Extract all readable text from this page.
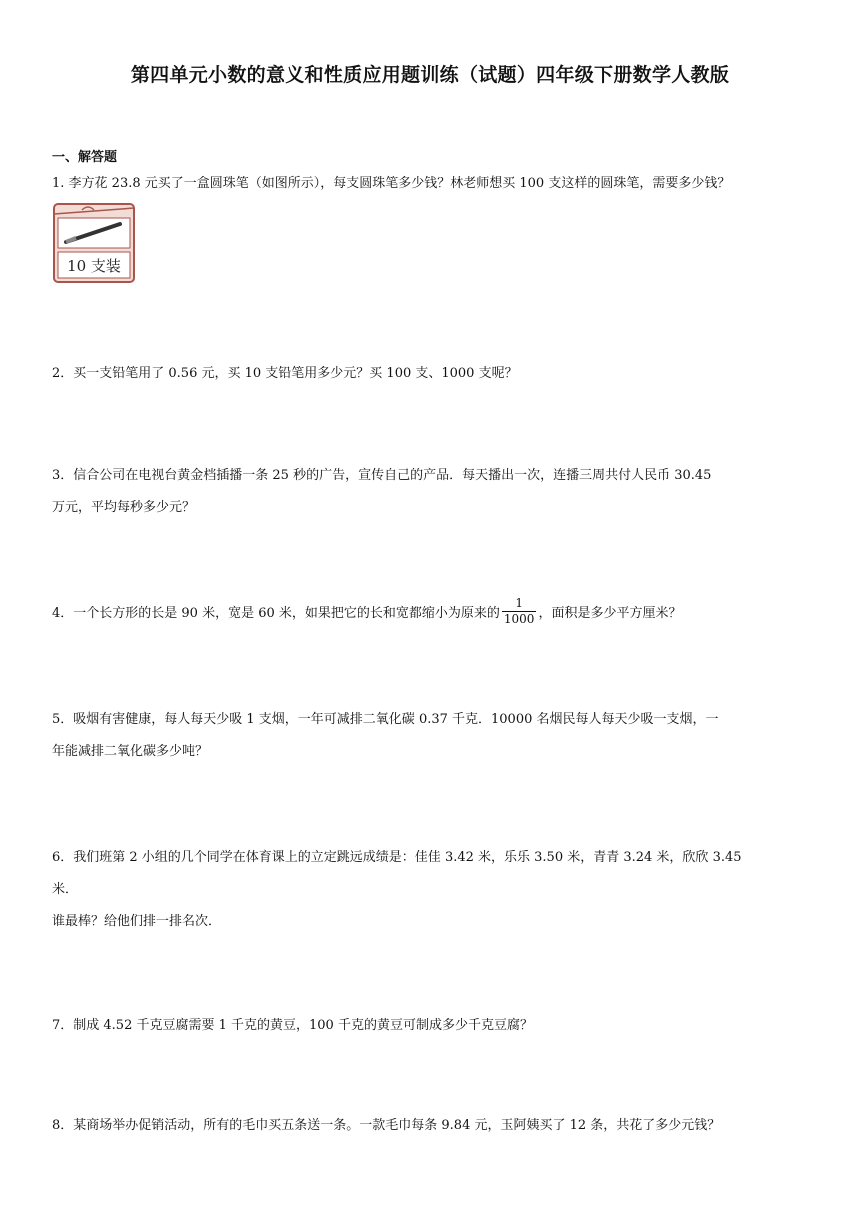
第四单元小数的意义和性质应用题训练（试题）四年级下册数学人教版
一、解答题
1. 李方花 23.8 元买了一盒圆珠笔（如图所示），每支圆珠笔多少钱？林老师想买 100 支这样的圆珠笔，需要多少钱？
10 支装
2．买一支铅笔用了 0.56 元，买 10 支铅笔用多少元？买 100 支、1000 支呢？
3．信合公司在电视台黄金档插播一条 25 秒的广告，宣传自己的产品．每天播出一次，连播三周共付人民币 30.45
万元，平均每秒多少元？
4．一个长方形的长是 90 米，宽是 60 米，如果把它的长和宽都缩小为原来的 $\frac{1}{1000}$ ，面积是多少平方厘米？
5．吸烟有害健康，每人每天少吸 1 支烟，一年可减排二氧化碳 0.37 千克．10000 名烟民每人每天少吸一支烟，一
年能减排二氧化碳多少吨？
6．我们班第 2 小组的几个同学在体育课上的立定跳远成绩是：佳佳 3.42 米，乐乐 3.50 米，青青 3.24 米，欣欣 3.45
米．
谁最棒？给他们排一排名次．
7．制成 4.52 千克豆腐需要 1 千克的黄豆，100 千克的黄豆可制成多少千克豆腐？
8．某商场举办促销活动，所有的毛巾买五条送一条。一款毛巾每条 9.84 元，玉阿姨买了 12 条，共花了多少元钱？
